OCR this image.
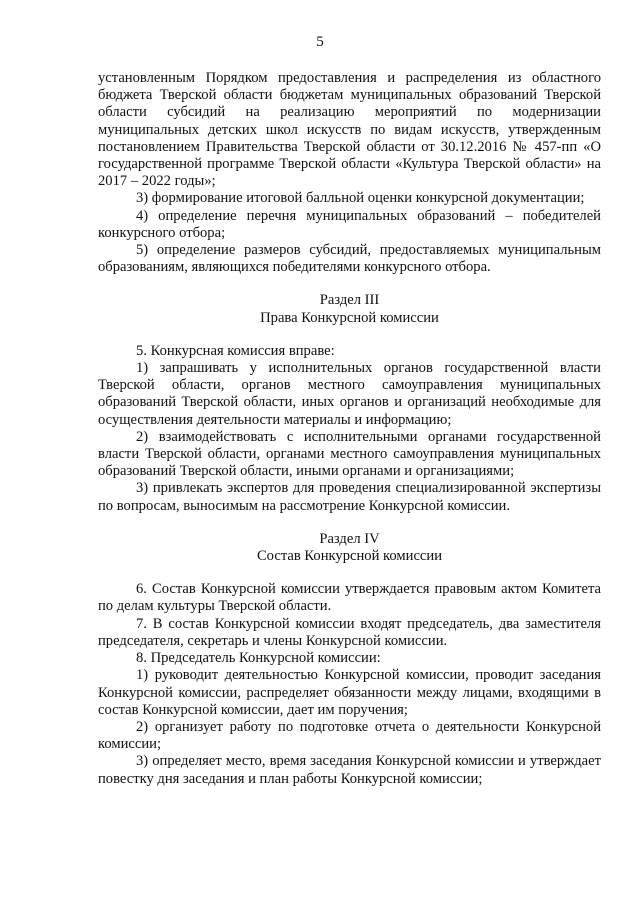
5

установленным Порядком предоставления и распределения из областного бюджета Тверской области бюджетам муниципальных образований Тверской области субсидий на реализацию мероприятий по модернизации муниципальных детских школ искусств по видам искусств, утвержденным постановлением Правительства Тверской области от 30.12.2016 № 457-пп «О государственной программе Тверской области «Культура Тверской области» на 2017 – 2022 годы»;

3) формирование итоговой балльной оценки конкурсной документации;

4) определение перечня муниципальных образований – победителей конкурсного отбора;

5) определение размеров субсидий, предоставляемых муниципальным образованиям, являющихся победителями конкурсного отбора.

Раздел III

Права Конкурсной комиссии

5. Конкурсная комиссия вправе:

1) запрашивать у исполнительных органов государственной власти Тверской области, органов местного самоуправления муниципальных образований Тверской области, иных органов и организаций необходимые для осуществления деятельности материалы и информацию;

2) взаимодействовать с исполнительными органами государственной власти Тверской области, органами местного самоуправления муниципальных образований Тверской области, иными органами и организациями;

3) привлекать экспертов для проведения специализированной экспертизы по вопросам, выносимым на рассмотрение Конкурсной комиссии.

Раздел IV

Состав Конкурсной комиссии

6. Состав Конкурсной комиссии утверждается правовым актом Комитета по делам культуры Тверской области.

7. В состав Конкурсной комиссии входят председатель, два заместителя председателя, секретарь и члены Конкурсной комиссии.

8. Председатель Конкурсной комиссии:

1) руководит деятельностью Конкурсной комиссии, проводит заседания Конкурсной комиссии, распределяет обязанности между лицами, входящими в состав Конкурсной комиссии, дает им поручения;

2) организует работу по подготовке отчета о деятельности Конкурсной комиссии;

3) определяет место, время заседания Конкурсной комиссии и утверждает повестку дня заседания и план работы Конкурсной комиссии;
